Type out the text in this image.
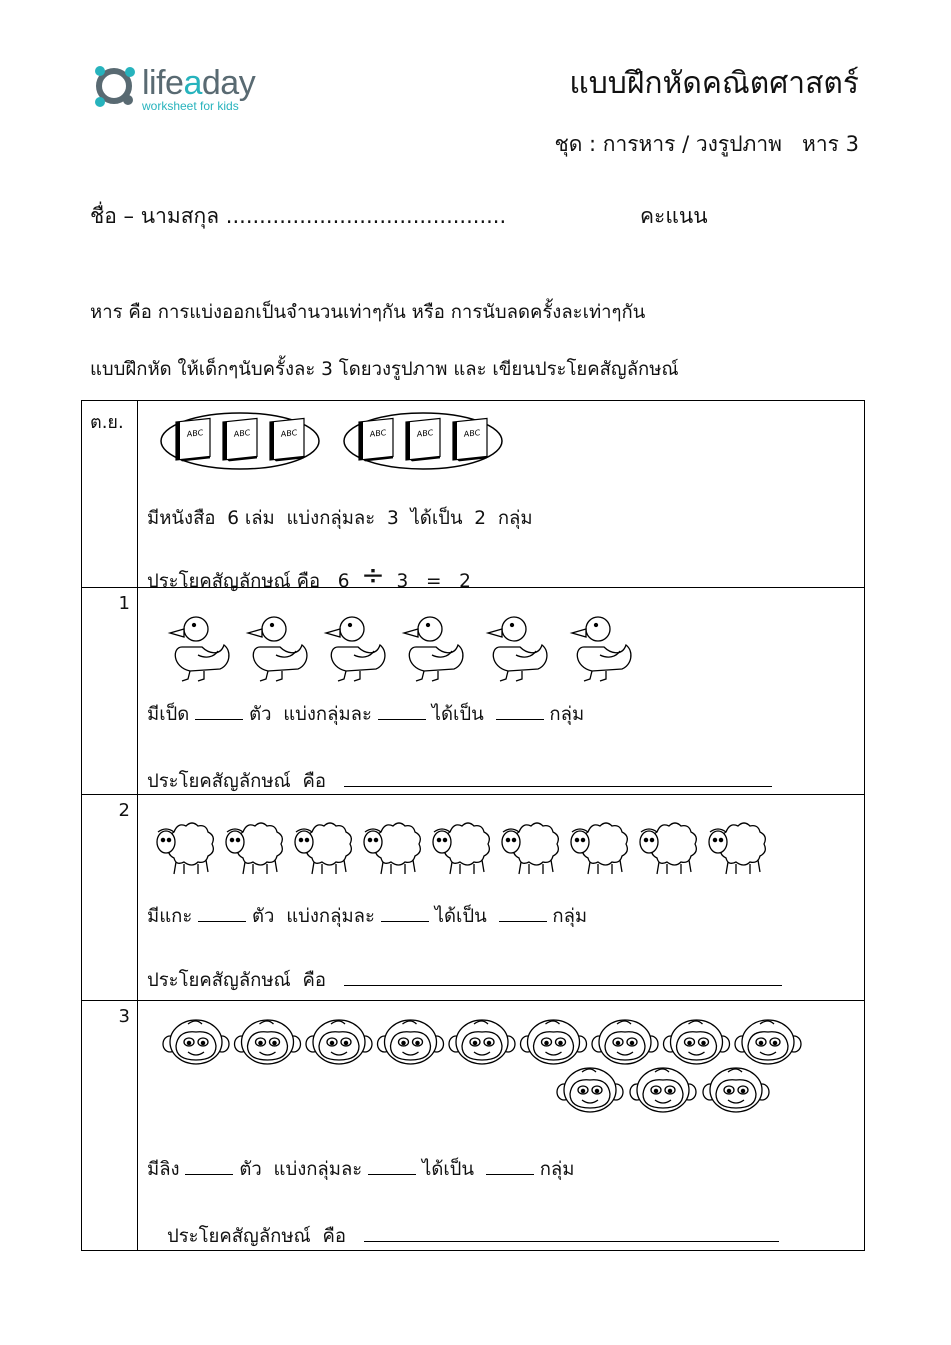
lifeaday
worksheet for kids
แบบฝึกหัดคณิตศาสตร์
ชุด : การหาร / วงรูปภาพ   หาร 3
ชื่อ – นามสกุล ..........................................	คะแนน
หาร คือ การแบ่งออกเป็นจำนวนเท่าๆกัน หรือ การนับลดครั้งละเท่าๆกัน
แบบฝึกหัด ให้เด็กๆนับครั้งละ 3 โดยวงรูปภาพ และ เขียนประโยคสัญลักษณ์
ต.ย.
ABC	ABC	ABC	ABC	ABC	ABC
มีหนังสือ  6 เล่ม  แบ่งกลุ่มละ  3  ได้เป็น  2  กลุ่ม
ประโยคสัญลักษณ์ คือ 6 ÷ 3 = 2
1
มีเป็ด	ตัว  แบ่งกลุ่มละ	ได้เป็น	กลุ่ม
ประโยคสัญลักษณ์  คือ
2
มีแกะ	ตัว  แบ่งกลุ่มละ	ได้เป็น	กลุ่ม
ประโยคสัญลักษณ์  คือ
3
มีลิง	ตัว  แบ่งกลุ่มละ	ได้เป็น	กลุ่ม
ประโยคสัญลักษณ์  คือ
